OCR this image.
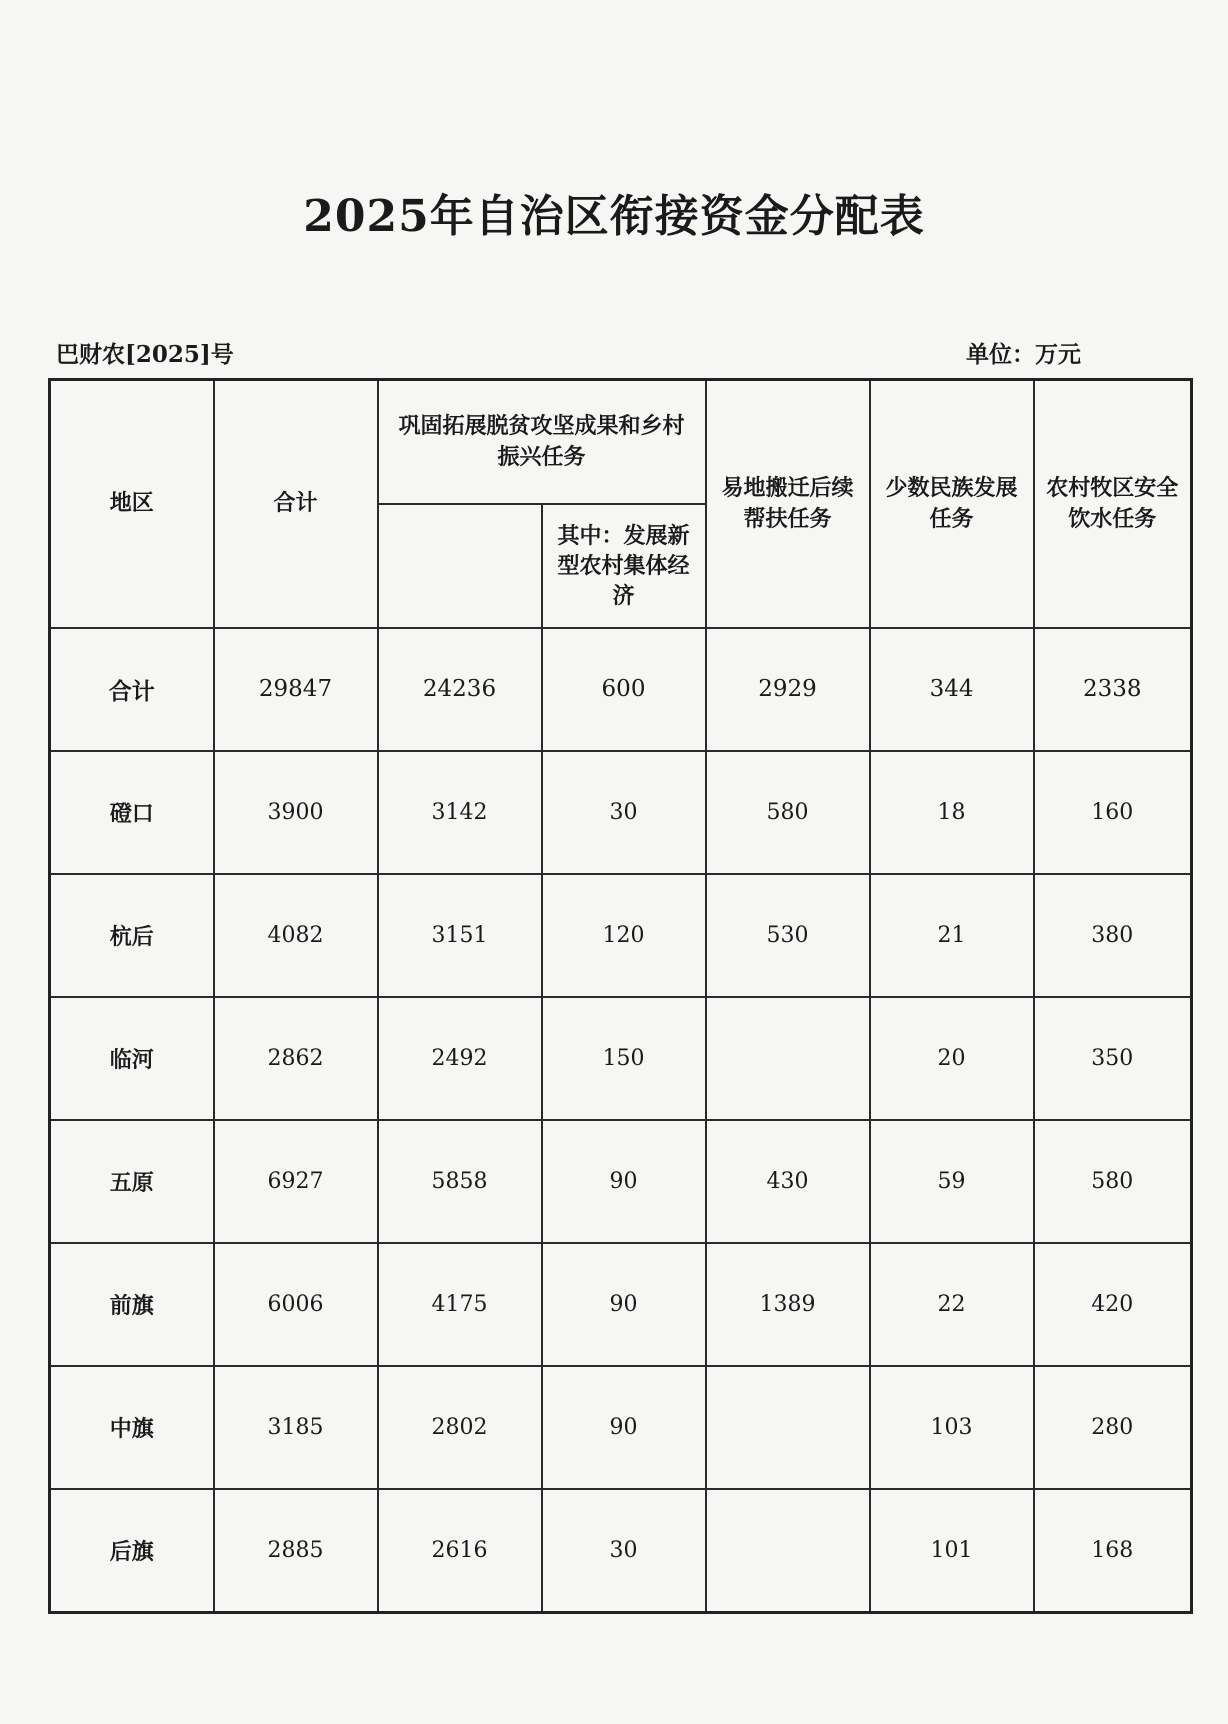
2025年自治区衔接资金分配表
巴财农[2025]号	单位：万元
地区	合计	巩固拓展脱贫攻坚成果和乡村振兴任务		易地搬迁后续帮扶任务	少数民族发展任务	农村牧区安全饮水任务
			其中：发展新型农村集体经济			
合计	29847	24236	600	2929	344	2338
磴口	3900	3142	30	580	18	160
杭后	4082	3151	120	530	21	380
临河	2862	2492	150		20	350
五原	6927	5858	90	430	59	580
前旗	6006	4175	90	1389	22	420
中旗	3185	2802	90		103	280
后旗	2885	2616	30		101	168
